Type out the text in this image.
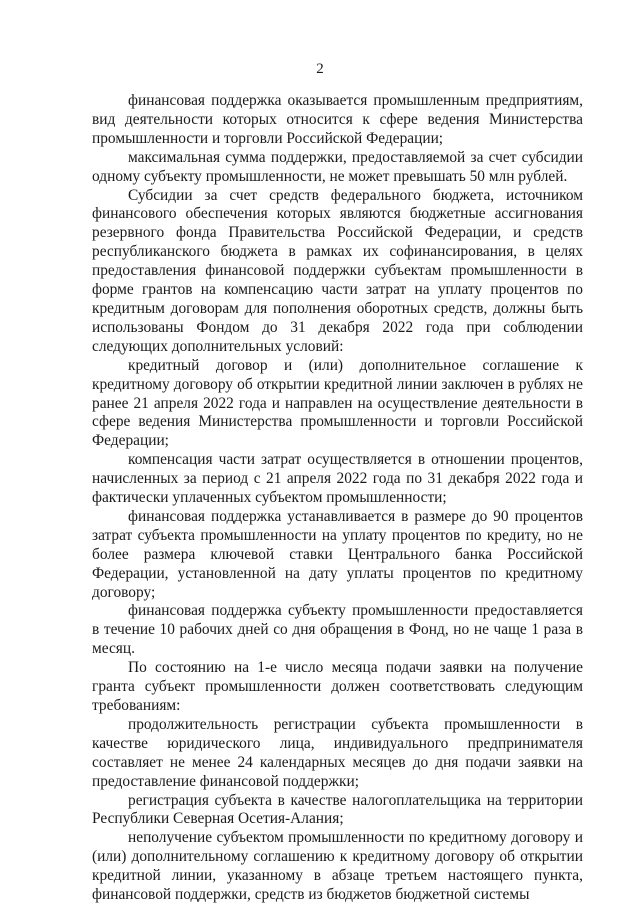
2

финансовая поддержка оказывается промышленным предприятиям, вид деятельности которых относится к сфере ведения Министерства промышленности и торговли Российской Федерации;

максимальная сумма поддержки, предоставляемой за счет субсидии одному субъекту промышленности, не может превышать 50 млн рублей.

Субсидии за счет средств федерального бюджета, источником финансового обеспечения которых являются бюджетные ассигнования резервного фонда Правительства Российской Федерации, и средств республиканского бюджета в рамках их софинансирования, в целях предоставления финансовой поддержки субъектам промышленности в форме грантов на компенсацию части затрат на уплату процентов по кредитным договорам для пополнения оборотных средств, должны быть использованы Фондом до 31 декабря 2022 года при соблюдении следующих дополнительных условий:

кредитный договор и (или) дополнительное соглашение к кредитному договору об открытии кредитной линии заключен в рублях не ранее 21 апреля 2022 года и направлен на осуществление деятельности в сфере ведения Министерства промышленности и торговли Российской Федерации;

компенсация части затрат осуществляется в отношении процентов, начисленных за период с 21 апреля 2022 года по 31 декабря 2022 года и фактически уплаченных субъектом промышленности;

финансовая поддержка устанавливается в размере до 90 процентов затрат субъекта промышленности на уплату процентов по кредиту, но не более размера ключевой ставки Центрального банка Российской Федерации, установленной на дату уплаты процентов по кредитному договору;

финансовая поддержка субъекту промышленности предоставляется в течение 10 рабочих дней со дня обращения в Фонд, но не чаще 1 раза в месяц.

По состоянию на 1-е число месяца подачи заявки на получение гранта субъект промышленности должен соответствовать следующим требованиям:

продолжительность регистрации субъекта промышленности в качестве юридического лица, индивидуального предпринимателя составляет не менее 24 календарных месяцев до дня подачи заявки на предоставление финансовой поддержки;

регистрация субъекта в качестве налогоплательщика на территории Республики Северная Осетия-Алания;

неполучение субъектом промышленности по кредитному договору и (или) дополнительному соглашению к кредитному договору об открытии кредитной линии, указанному в абзаце третьем настоящего пункта, финансовой поддержки, средств из бюджетов бюджетной системы
